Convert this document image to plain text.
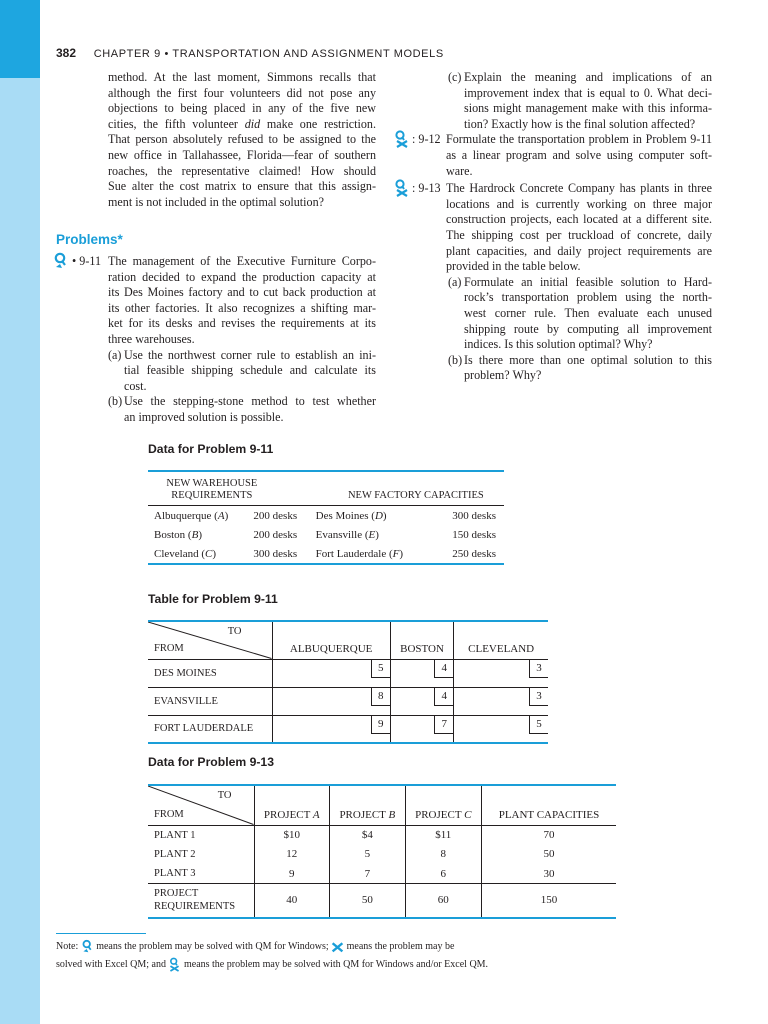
382 CHAPTER 9 • TRANSPORTATION AND ASSIGNMENT MODELS
method. At the last moment, Simmons recalls that
although the first four volunteers did not pose any
objections to being placed in any of the five new
cities, the fifth volunteer did make one restriction.
That person absolutely refused to be assigned to the
new office in Tallahassee, Florida—fear of southern
roaches, the representative claimed! How should
Sue alter the cost matrix to ensure that this assign-
ment is not included in the optimal solution?
Problems*
• 9-11 The management of the Executive Furniture Corpo-
ration decided to expand the production capacity at
its Des Moines factory and to cut back production at
its other factories. It also recognizes a shifting mar-
ket for its desks and revises the requirements at its
three warehouses.
(a) Use the northwest corner rule to establish an ini-
tial feasible shipping schedule and calculate its
cost.
(b) Use the stepping-stone method to test whether
an improved solution is possible.
(c) Explain the meaning and implications of an
improvement index that is equal to 0. What deci-
sions might management make with this informa-
tion? Exactly how is the final solution affected?
: 9-12 Formulate the transportation problem in Problem 9-11
as a linear program and solve using computer soft-
ware.
: 9-13 The Hardrock Concrete Company has plants in three
locations and is currently working on three major
construction projects, each located at a different site.
The shipping cost per truckload of concrete, daily
plant capacities, and daily project requirements are
provided in the table below.
(a) Formulate an initial feasible solution to Hard-
rock’s transportation problem using the north-
west corner rule. Then evaluate each unused
shipping route by computing all improvement
indices. Is this solution optimal? Why?
(b) Is there more than one optimal solution to this
problem? Why?
Data for Problem 9-11
NEW WAREHOUSE
REQUIREMENTS		NEW FACTORY CAPACITIES	
Albuquerque (A)	200 desks	Des Moines (D)	300 desks
Boston (B)	200 desks	Evansville (E)	150 desks
Cleveland (C)	300 desks	Fort Lauderdale (F)	250 desks
Table for Problem 9-11
TO
FROM	ALBUQUERQUE	BOSTON	CLEVELAND
DES MOINES	5	4	3

EVANSVILLE	8	4	3

FORT LAUDERDALE	9	7	5
Data for Problem 9-13
TO
FROM	PROJECT A	PROJECT B	PROJECT C	PLANT CAPACITIES
PLANT 1	$10	$4	$11	70
PLANT 2	12	5	8	50
PLANT 3	9	7	6	30
PROJECT
REQUIREMENTS	40	50	60	150
Note:  means the problem may be solved with QM for Windows;  means the problem may be
solved with Excel QM; and  means the problem may be solved with QM for Windows and/or Excel QM.
